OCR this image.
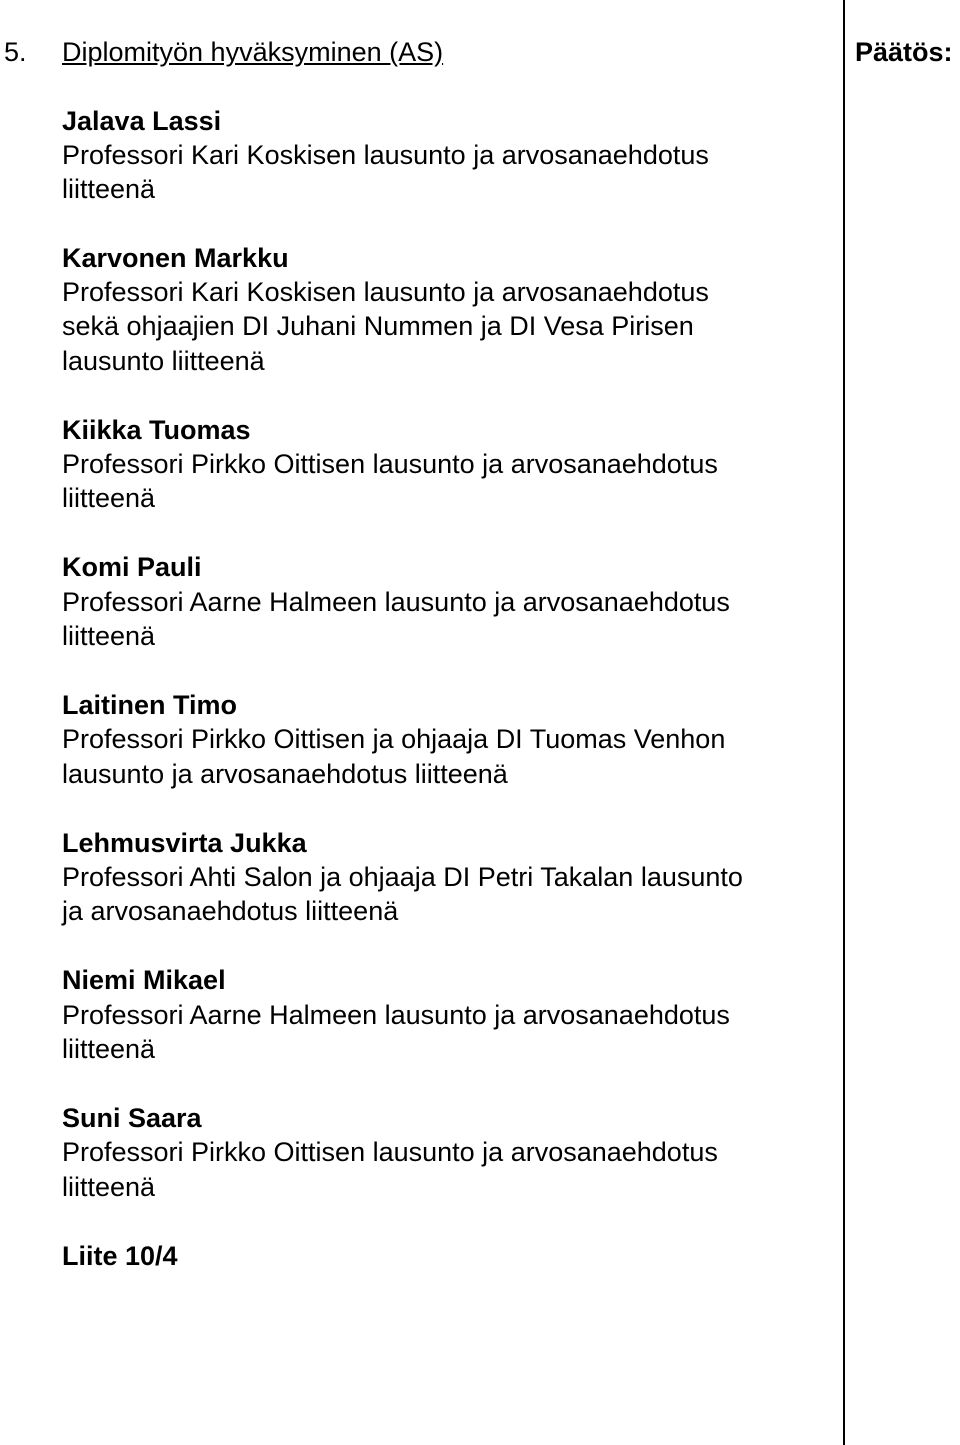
5. Diplomityön hyväksyminen (AS)	Päätös:
Jalava Lassi
Professori Kari Koskisen lausunto ja arvosanaehdotus
liitteenä
Karvonen Markku
Professori Kari Koskisen lausunto ja arvosanaehdotus
sekä ohjaajien DI Juhani Nummen ja DI Vesa Pirisen
lausunto liitteenä
Kiikka Tuomas
Professori Pirkko Oittisen lausunto ja arvosanaehdotus
liitteenä
Komi Pauli
Professori Aarne Halmeen lausunto ja arvosanaehdotus
liitteenä
Laitinen Timo
Professori Pirkko Oittisen ja ohjaaja DI Tuomas Venhon
lausunto ja arvosanaehdotus liitteenä
Lehmusvirta Jukka
Professori Ahti Salon ja ohjaaja DI Petri Takalan lausunto
ja arvosanaehdotus liitteenä
Niemi Mikael
Professori Aarne Halmeen lausunto ja arvosanaehdotus
liitteenä
Suni Saara
Professori Pirkko Oittisen lausunto ja arvosanaehdotus
liitteenä
Liite 10/4
